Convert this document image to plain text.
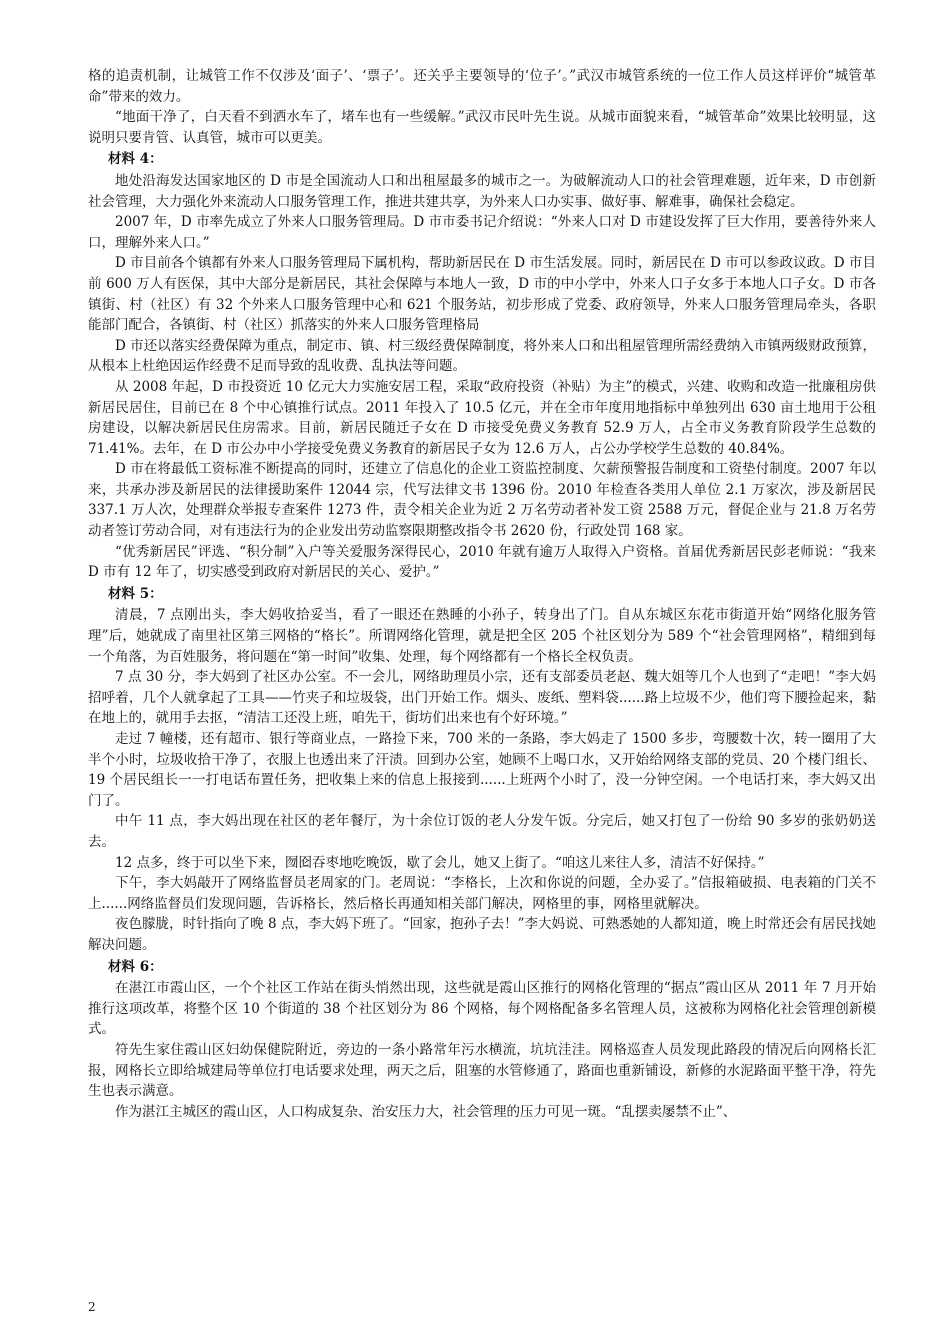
格的追责机制，让城管工作不仅涉及‘面子’、‘票子’。还关乎主要领导的‘位子’。”武汉市城管系统的一位工作人员这样评价“城管革命”带来的效力。

“地面干净了，白天看不到洒水车了，堵车也有一些缓解。”武汉市民叶先生说。从城市面貌来看，“城管革命”效果比较明显，这说明只要肯管、认真管，城市可以更美。

材料 4：

地处沿海发达国家地区的 D 市是全国流动人口和出租屋最多的城市之一。为破解流动人口的社会管理难题，近年来，D 市创新社会管理，大力强化外来流动人口服务管理工作，推进共建共享，为外来人口办实事、做好事、解难事，确保社会稳定。

2007 年，D 市率先成立了外来人口服务管理局。D 市市委书记介绍说：“外来人口对 D 市建设发挥了巨大作用，要善待外来人口，理解外来人口。”

D 市目前各个镇都有外来人口服务管理局下属机构，帮助新居民在 D 市生活发展。同时，新居民在 D 市可以参政议政。D 市目前 600 万人有医保，其中大部分是新居民，其社会保障与本地人一致，D 市的中小学中，外来人口子女多于本地人口子女。D 市各镇街、村（社区）有 32 个外来人口服务管理中心和 621 个服务站，初步形成了党委、政府领导，外来人口服务管理局牵头，各职能部门配合，各镇街、村（社区）抓落实的外来人口服务管理格局

D 市还以落实经费保障为重点，制定市、镇、村三级经费保障制度，将外来人口和出租屋管理所需经费纳入市镇两级财政预算，从根本上杜绝因运作经费不足而导致的乱收费、乱执法等问题。

从 2008 年起，D 市投资近 10 亿元大力实施安居工程，采取“政府投资（补贴）为主”的模式，兴建、收购和改造一批廉租房供新居民居住，目前已在 8 个中心镇推行试点。2011 年投入了 10.5 亿元，并在全市年度用地指标中单独列出 630 亩土地用于公租房建设，以解决新居民住房需求。目前，新居民随迁子女在 D 市接受免费义务教育 52.9 万人，占全市义务教育阶段学生总数的 71.41%。去年，在 D 市公办中小学接受免费义务教育的新居民子女为 12.6 万人，占公办学校学生总数的 40.84%。

D 市在将最低工资标准不断提高的同时，还建立了信息化的企业工资监控制度、欠薪预警报告制度和工资垫付制度。2007 年以来，共承办涉及新居民的法律援助案件 12044 宗，代写法律文书 1396 份。2010 年检查各类用人单位 2.1 万家次，涉及新居民 337.1 万人次，处理群众举报专查案件 1273 件，责令相关企业为近 2 万名劳动者补发工资 2588 万元，督促企业与 21.8 万名劳动者签订劳动合同，对有违法行为的企业发出劳动监察限期整改指令书 2620 份，行政处罚 168 家。

“优秀新居民”评选、“积分制”入户等关爱服务深得民心，2010 年就有逾万人取得入户资格。首届优秀新居民彭老师说：“我来 D 市有 12 年了，切实感受到政府对新居民的关心、爱护。”

材料 5：

清晨，7 点刚出头，李大妈收拾妥当，看了一眼还在熟睡的小孙子，转身出了门。自从东城区东花市街道开始“网络化服务管理”后，她就成了南里社区第三网格的“格长”。所谓网络化管理，就是把全区 205 个社区划分为 589 个“社会管理网格”，精细到每一个角落，为百姓服务，将问题在“第一时间”收集、处理，每个网络都有一个格长全权负责。

7 点 30 分，李大妈到了社区办公室。不一会儿，网络助理员小宗，还有支部委员老赵、魏大姐等几个人也到了“走吧！”李大妈招呼着，几个人就拿起了工具——竹夹子和垃圾袋，出门开始工作。烟头、废纸、塑料袋......路上垃圾不少，他们弯下腰捡起来，黏在地上的，就用手去抠，“清洁工还没上班，咱先干，街坊们出来也有个好环境。”

走过 7 幢楼，还有超市、银行等商业点，一路捡下来，700 米的一条路，李大妈走了 1500 多步，弯腰数十次，转一圈用了大半个小时，垃圾收拾干净了，衣服上也透出来了汗渍。回到办公室，她顾不上喝口水，又开始给网络支部的党员、20 个楼门组长、19 个居民组长一一打电话布置任务，把收集上来的信息上报接到......上班两个小时了，没一分钟空闲。一个电话打来，李大妈又出门了。

中午 11 点，李大妈出现在社区的老年餐厅，为十余位订饭的老人分发午饭。分完后，她又打包了一份给 90 多岁的张奶奶送去。

12 点多，终于可以坐下来，囫囵吞枣地吃晚饭，歇了会儿，她又上街了。“咱这儿来往人多，清洁不好保持。”

下午，李大妈敲开了网络监督员老周家的门。老周说：“李格长，上次和你说的问题，全办妥了。”信报箱破损、电表箱的门关不上......网络监督员们发现问题，告诉格长，然后格长再通知相关部门解决，网格里的事，网格里就解决。

夜色朦胧，时针指向了晚 8 点，李大妈下班了。“回家，抱孙子去！”李大妈说、可熟悉她的人都知道，晚上时常还会有居民找她解决问题。

材料 6：

在湛江市霞山区，一个个社区工作站在街头悄然出现，这些就是霞山区推行的网格化管理的“据点”霞山区从 2011 年 7 月开始推行这项改革，将整个区 10 个街道的 38 个社区划分为 86 个网格，每个网格配备多名管理人员，这被称为网格化社会管理创新模式。

符先生家住霞山区妇幼保健院附近，旁边的一条小路常年污水横流，坑坑洼洼。网格巡查人员发现此路段的情况后向网格长汇报，网格长立即给城建局等单位打电话要求处理，两天之后，阻塞的水管修通了，路面也重新铺设，新修的水泥路面平整干净，符先生也表示满意。

作为湛江主城区的霞山区，人口构成复杂、治安压力大，社会管理的压力可见一斑。“乱摆卖屡禁不止”、

2
